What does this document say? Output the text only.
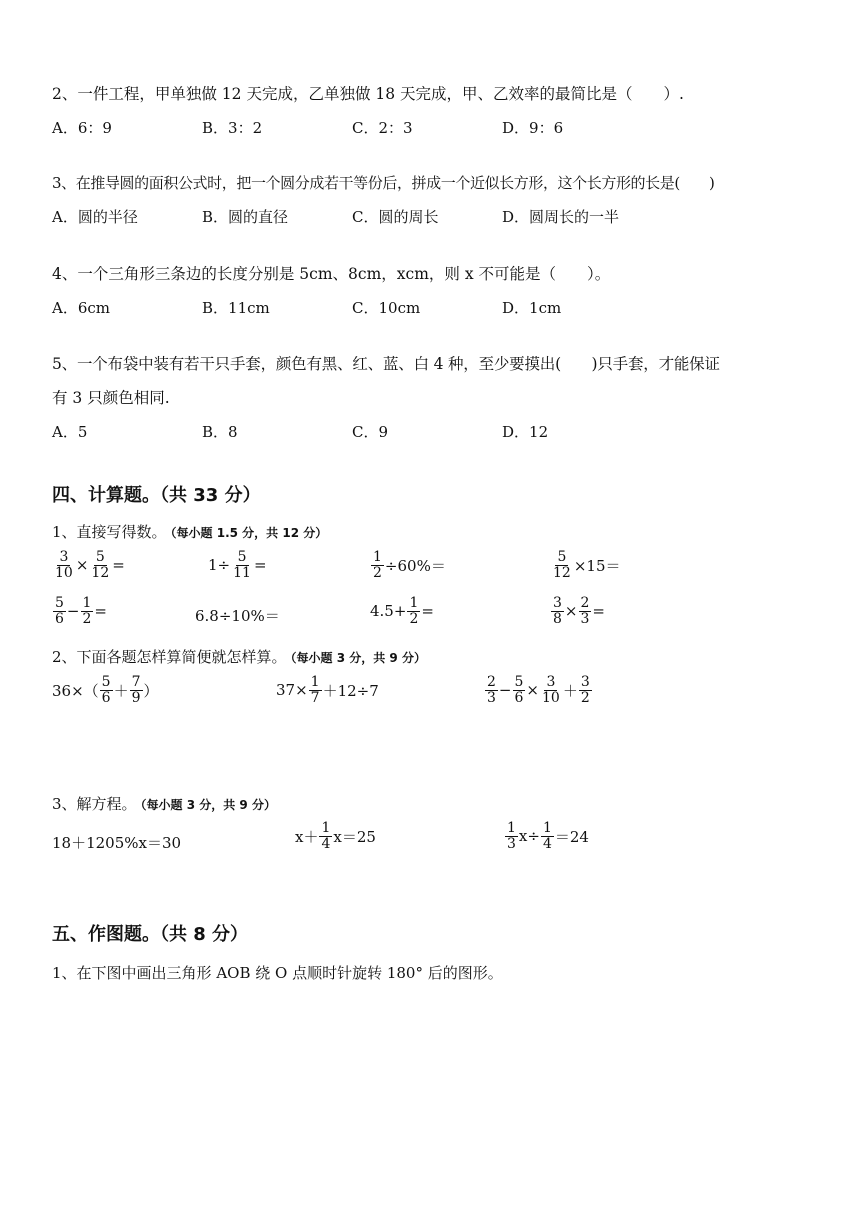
2、一件工程，甲单独做 12 天完成，乙单独做 18 天完成，甲、乙效率的最简比是（　　）.
A．6：9	B．3：2	C．2：3	D．9：6
3、在推导圆的面积公式时，把一个圆分成若干等份后，拼成一个近似长方形，这个长方形的长是(　　)
A．圆的半径	B．圆的直径	C．圆的周长	D．圆周长的一半
4、一个三角形三条边的长度分别是 5cm、8cm，xcm，则 x 不可能是（　　）。
A．6cm	B．11cm	C．10cm	D．1cm
5、一个布袋中装有若干只手套，颜色有黑、红、蓝、白 4 种，至少要摸出(　　)只手套，才能保证
有 3 只颜色相同.
A．5	B．8	C．9	D．12
四、计算题。（共 33 分）
1、直接写得数。 （每小题 1.5 分，共 12 分）
$\frac{3}{10} \times \frac{5}{12}$ =	$1\div \frac{5}{11}$ =	$\frac{1}{2} \div 60\%=$	$\frac{5}{12} \times 15=$
$\frac{5}{6} - \frac{1}{2}$ =	6.8÷10%＝	$4.5+ \frac{1}{2}$ =	$\frac{3}{8} \times \frac{2}{3}$ =
2、下面各题怎样算简便就怎样算。 （每小题 3 分，共 9 分）
$36\times( \frac{5}{6} + \frac{7}{9}$ ）	$37\times \frac{1}{7} +12\div 7$	$\frac{2}{3} - \frac{5}{6} \times \frac{3}{10} + \frac{3}{2}$
3、解方程。 （每小题 3 分，共 9 分）
18＋1205%x＝30	$x+ \frac{1}{4} x=25$	$\frac{1}{3} x\div \frac{1}{4} =24$
五、作图题。（共 8 分）
1、在下图中画出三角形 AOB 绕 O 点顺时针旋转 180° 后的图形。
